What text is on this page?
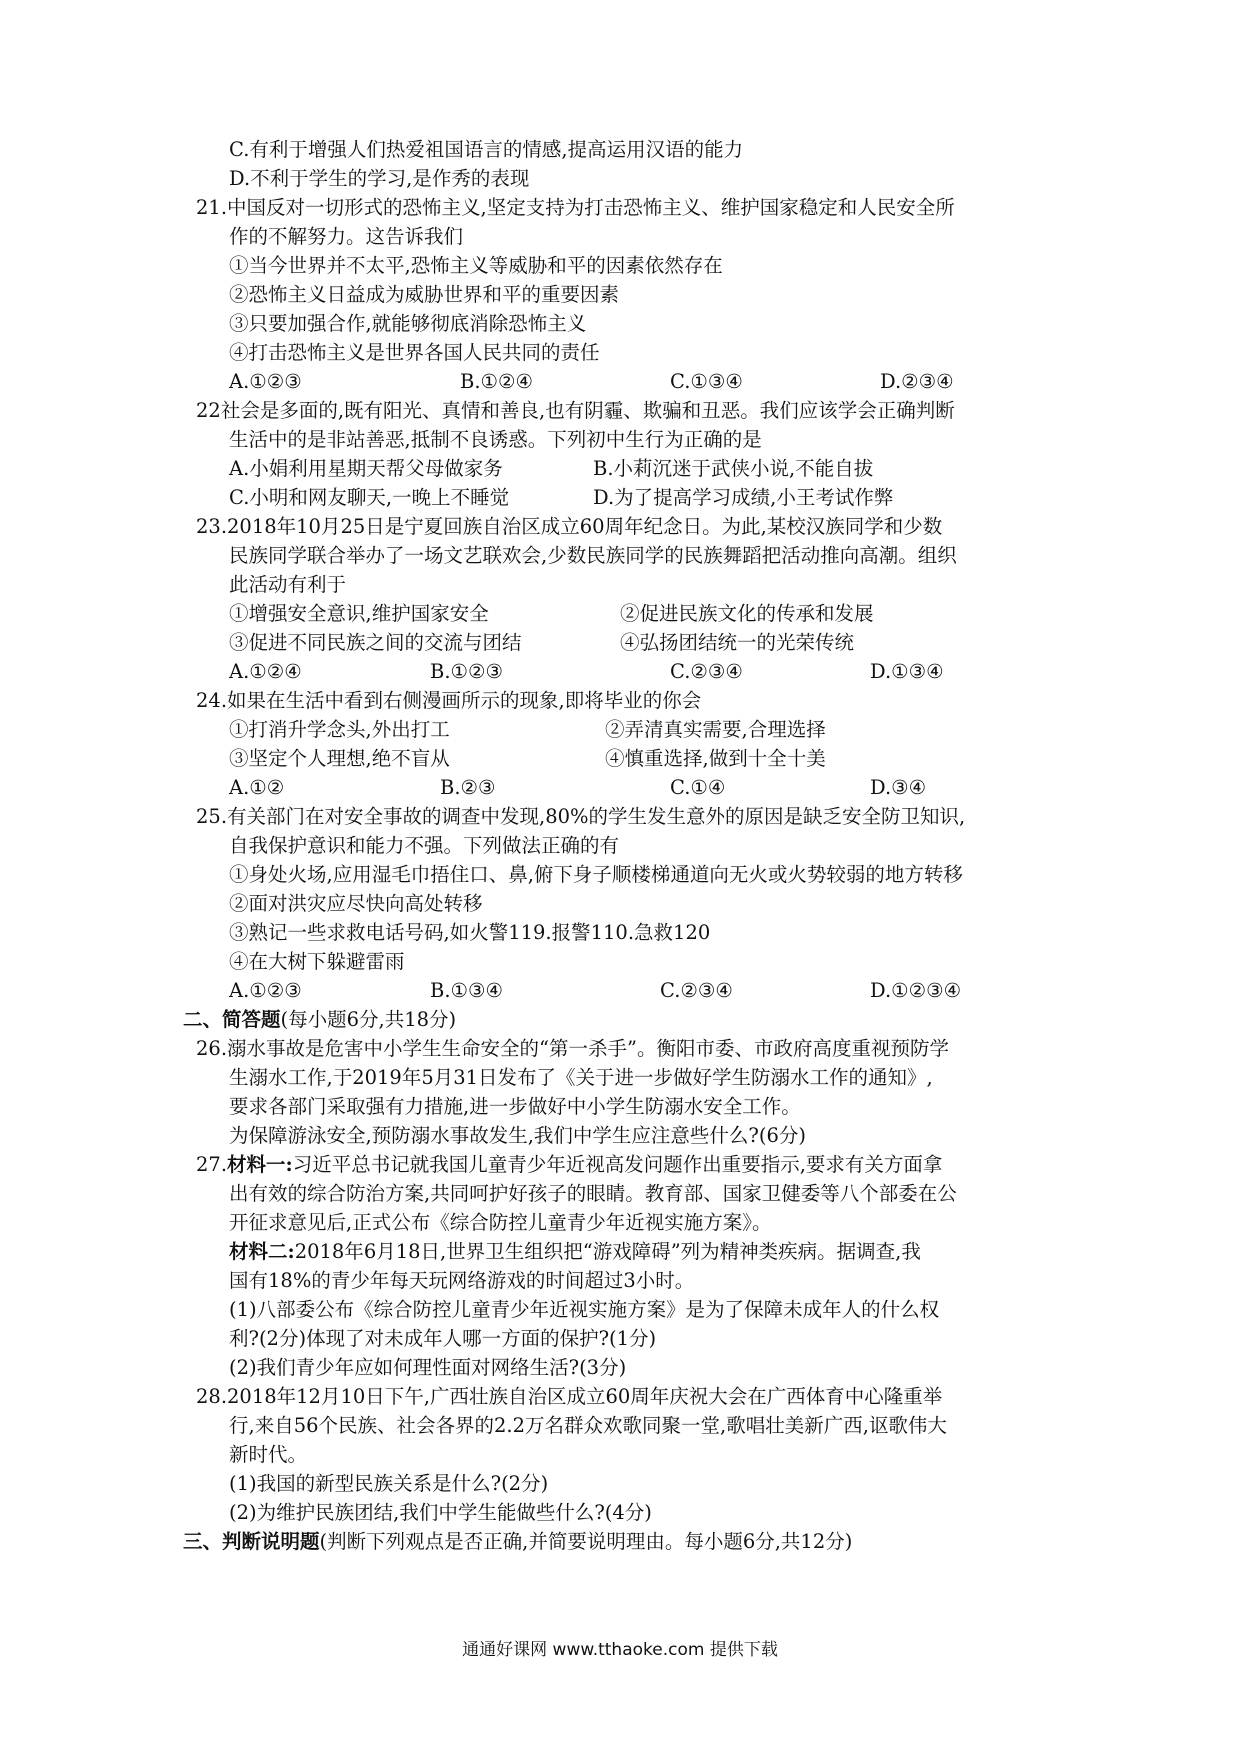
C.有利于增强人们热爱祖国语言的情感,提高运用汉语的能力
D.不利于学生的学习,是作秀的表现
21.中国反对一切形式的恐怖主义,坚定支持为打击恐怖主义、维护国家稳定和人民安全所
作的不解努力。这告诉我们
①当今世界并不太平,恐怖主义等威胁和平的因素依然存在
②恐怖主义日益成为威胁世界和平的重要因素
③只要加强合作,就能够彻底消除恐怖主义
④打击恐怖主义是世界各国人民共同的责任
A.①②③	B.①②④	C.①③④	D.②③④
22社会是多面的,既有阳光、真情和善良,也有阴霾、欺骗和丑恶。我们应该学会正确判断
生活中的是非站善恶,抵制不良诱惑。下列初中生行为正确的是
A.小娟利用星期天帮父母做家务	B.小莉沉迷于武侠小说,不能自拔
C.小明和网友聊天,一晚上不睡觉	D.为了提高学习成绩,小王考试作弊
23.2018年10月25日是宁夏回族自治区成立60周年纪念日。为此,某校汉族同学和少数
民族同学联合举办了一场文艺联欢会,少数民族同学的民族舞蹈把活动推向高潮。组织
此活动有利于
①增强安全意识,维护国家安全	②促进民族文化的传承和发展
③促进不同民族之间的交流与团结	④弘扬团结统一的光荣传统
A.①②④	B.①②③	C.②③④	D.①③④
24.如果在生活中看到右侧漫画所示的现象,即将毕业的你会
①打消升学念头,外出打工	②弄清真实需要,合理选择
③坚定个人理想,绝不盲从	④慎重选择,做到十全十美
A.①②	B.②③	C.①④	D.③④
25.有关部门在对安全事故的调查中发现,80%的学生发生意外的原因是缺乏安全防卫知识,
自我保护意识和能力不强。下列做法正确的有
①身处火场,应用湿毛巾捂住口、鼻,俯下身子顺楼梯通道向无火或火势较弱的地方转移
②面对洪灾应尽快向高处转移
③熟记一些求救电话号码,如火警119.报警110.急救120
④在大树下躲避雷雨
A.①②③	B.①③④	C.②③④	D.①②③④
二、简答题(每小题6分,共18分)
26.溺水事故是危害中小学生生命安全的“第一杀手”。衡阳市委、市政府高度重视预防学
生溺水工作,于2019年5月31日发布了《关于进一步做好学生防溺水工作的通知》,
要求各部门采取强有力措施,进一步做好中小学生防溺水安全工作。
为保障游泳安全,预防溺水事故发生,我们中学生应注意些什么?(6分)
27.材料一:习近平总书记就我国儿童青少年近视高发问题作出重要指示,要求有关方面拿
出有效的综合防治方案,共同呵护好孩子的眼睛。教育部、国家卫健委等八个部委在公
开征求意见后,正式公布《综合防控儿童青少年近视实施方案》。
材料二:2018年6月18日,世界卫生组织把“游戏障碍”列为精神类疾病。据调查,我
国有18%的青少年每天玩网络游戏的时间超过3小时。
(1)八部委公布《综合防控儿童青少年近视实施方案》是为了保障未成年人的什么权
利?(2分)体现了对未成年人哪一方面的保护?(1分)
(2)我们青少年应如何理性面对网络生活?(3分)
28.2018年12月10日下午,广西壮族自治区成立60周年庆祝大会在广西体育中心隆重举
行,来自56个民族、社会各界的2.2万名群众欢歌同聚一堂,歌唱壮美新广西,讴歌伟大
新时代。
(1)我国的新型民族关系是什么?(2分)
(2)为维护民族团结,我们中学生能做些什么?(4分)
三、判断说明题(判断下列观点是否正确,并简要说明理由。每小题6分,共12分)
通通好课网 www.tthaoke.com 提供下载
